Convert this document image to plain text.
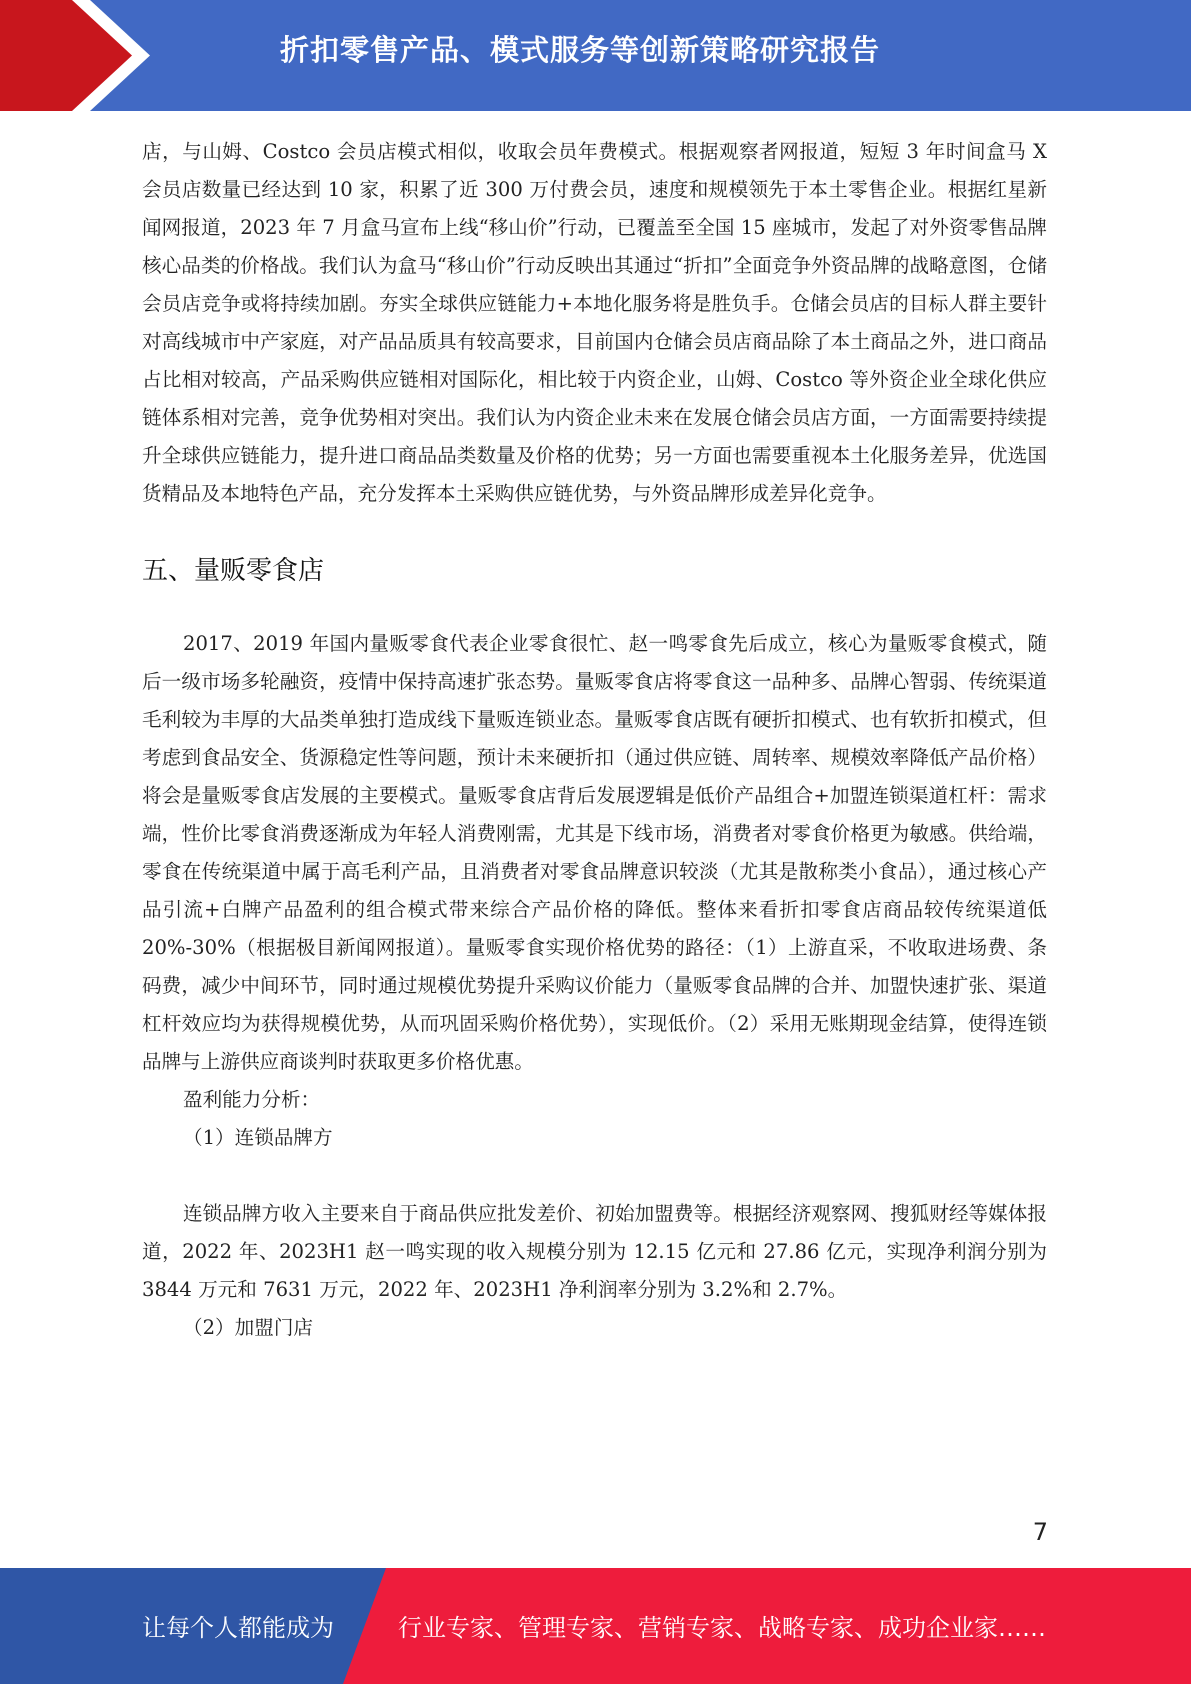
折扣零售产品、模式服务等创新策略研究报告

店，与山姆、Costco 会员店模式相似，收取会员年费模式。根据观察者网报道，短短 3 年时间盒马 X 会员店数量已经达到 10 家，积累了近 300 万付费会员，速度和规模领先于本土零售企业。根据红星新闻网报道，2023 年 7 月盒马宣布上线“移山价”行动，已覆盖至全国 15 座城市，发起了对外资零售品牌核心品类的价格战。我们认为盒马“移山价”行动反映出其通过“折扣”全面竞争外资品牌的战略意图，仓储会员店竞争或将持续加剧。夯实全球供应链能力+本地化服务将是胜负手。仓储会员店的目标人群主要针对高线城市中产家庭，对产品品质具有较高要求，目前国内仓储会员店商品除了本土商品之外，进口商品占比相对较高，产品采购供应链相对国际化，相比较于内资企业，山姆、Costco 等外资企业全球化供应链体系相对完善，竞争优势相对突出。我们认为内资企业未来在发展仓储会员店方面，一方面需要持续提升全球供应链能力，提升进口商品品类数量及价格的优势；另一方面也需要重视本土化服务差异，优选国货精品及本地特色产品，充分发挥本土采购供应链优势，与外资品牌形成差异化竞争。

五、量贩零食店

2017、2019 年国内量贩零食代表企业零食很忙、赵一鸣零食先后成立，核心为量贩零食模式，随后一级市场多轮融资，疫情中保持高速扩张态势。量贩零食店将零食这一品种多、品牌心智弱、传统渠道毛利较为丰厚的大品类单独打造成线下量贩连锁业态。量贩零食店既有硬折扣模式、也有软折扣模式，但考虑到食品安全、货源稳定性等问题，预计未来硬折扣（通过供应链、周转率、规模效率降低产品价格）将会是量贩零食店发展的主要模式。量贩零食店背后发展逻辑是低价产品组合+加盟连锁渠道杠杆：需求端，性价比零食消费逐渐成为年轻人消费刚需，尤其是下线市场，消费者对零食价格更为敏感。供给端，零食在传统渠道中属于高毛利产品，且消费者对零食品牌意识较淡（尤其是散称类小食品），通过核心产品引流+白牌产品盈利的组合模式带来综合产品价格的降低。整体来看折扣零食店商品较传统渠道低 20%-30%（根据极目新闻网报道）。量贩零食实现价格优势的路径：（1）上游直采，不收取进场费、条码费，减少中间环节，同时通过规模优势提升采购议价能力（量贩零食品牌的合并、加盟快速扩张、渠道杠杆效应均为获得规模优势，从而巩固采购价格优势），实现低价。（2）采用无账期现金结算，使得连锁品牌与上游供应商谈判时获取更多价格优惠。

盈利能力分析：

（1）连锁品牌方

连锁品牌方收入主要来自于商品供应批发差价、初始加盟费等。根据经济观察网、搜狐财经等媒体报道，2022 年、2023H1 赵一鸣实现的收入规模分别为 12.15 亿元和 27.86 亿元，实现净利润分别为 3844 万元和 7631 万元，2022 年、2023H1 净利润率分别为 3.2%和 2.7%。

（2）加盟门店

7
让每个人都能成为	行业专家、管理专家、营销专家、战略专家、成功企业家……
